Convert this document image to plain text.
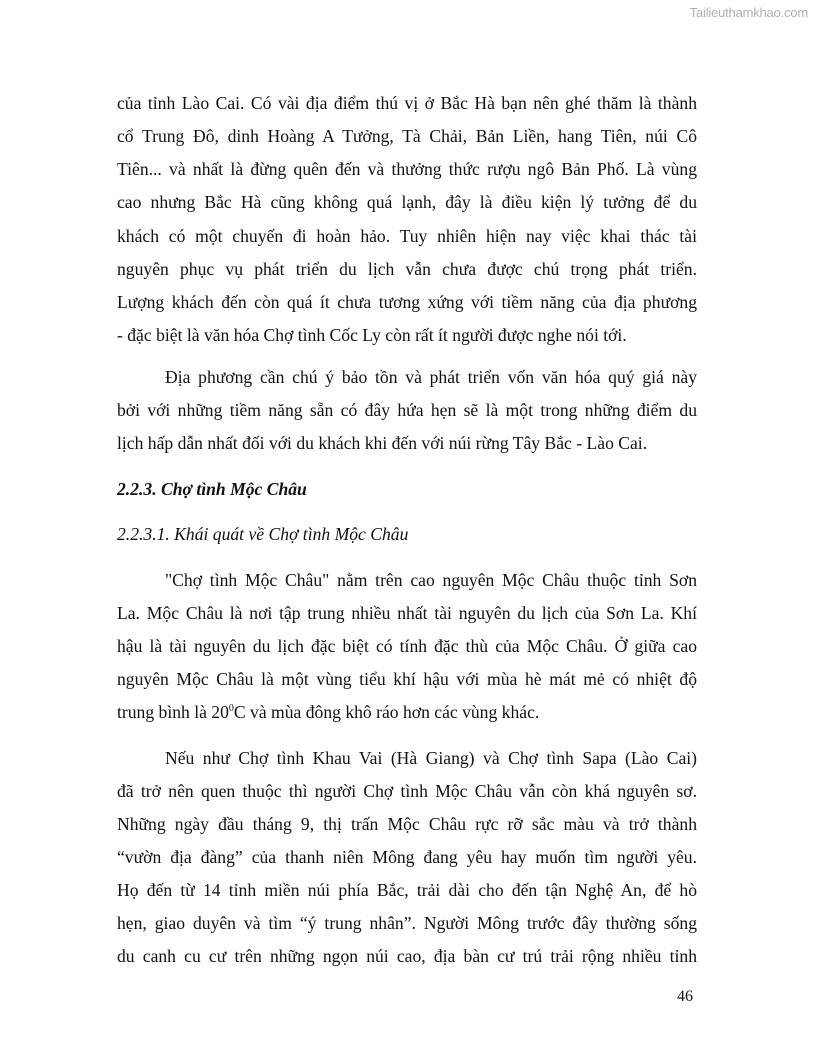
Tailieuthamkhao.com
của tỉnh Lào Cai. Có vài địa điểm thú vị ở Bắc Hà bạn nên ghé thăm là thành
cổ Trung Đô, dinh Hoàng A Tưởng, Tà Chải, Bản Liền, hang Tiên, núi Cô
Tiên... và nhất là đừng quên đến và thưởng thức rượu ngô Bản Phố. Là vùng
cao nhưng Bắc Hà cũng không quá lạnh, đây là điều kiện lý tưởng để du
khách có một chuyến đi hoàn hảo. Tuy nhiên hiện nay việc khai thác tài
nguyên phục vụ phát triển du lịch vẫn chưa được chú trọng phát triển.
Lượng khách đến còn quá ít chưa tương xứng với tiềm năng của địa phương
- đặc biệt là văn hóa Chợ tình Cốc Ly còn rất ít người được nghe nói tới.
Địa phương cần chú ý bảo tồn và phát triển vốn văn hóa quý giá này
bởi với những tiềm năng sẵn có đây hứa hẹn sẽ là một trong những điểm du
lịch hấp dẫn nhất đối với du khách khi đến với núi rừng Tây Bắc - Lào Cai.
2.2.3. Chợ tình Mộc Châu
2.2.3.1. Khái quát về Chợ tình Mộc Châu
"Chợ tình Mộc Châu" nằm trên cao nguyên Mộc Châu thuộc tỉnh Sơn
La. Mộc Châu là nơi tập trung nhiều nhất tài nguyên du lịch của Sơn La. Khí
hậu là tài nguyên du lịch đặc biệt có tính đặc thù của Mộc Châu. Ở giữa cao
nguyên Mộc Châu là một vùng tiểu khí hậu với mùa hè mát mẻ có nhiệt độ
trung bình là $20^0C$ và mùa đông khô ráo hơn các vùng khác.
Nếu như Chợ tình Khau Vai (Hà Giang) và Chợ tình Sapa (Lào Cai)
đã trở nên quen thuộc thì người Chợ tình Mộc Châu vẫn còn khá nguyên sơ.
Những ngày đầu tháng 9, thị trấn Mộc Châu rực rỡ sắc màu và trở thành
“vườn địa đàng” của thanh niên Mông đang yêu hay muốn tìm người yêu.
Họ đến từ 14 tỉnh miền núi phía Bắc, trải dài cho đến tận Nghệ An, để hò
hẹn, giao duyên và tìm “ý trung nhân”. Người Mông trước đây thường sống
du canh cu cư trên những ngọn núi cao, địa bàn cư trú trải rộng nhiều tỉnh
46
